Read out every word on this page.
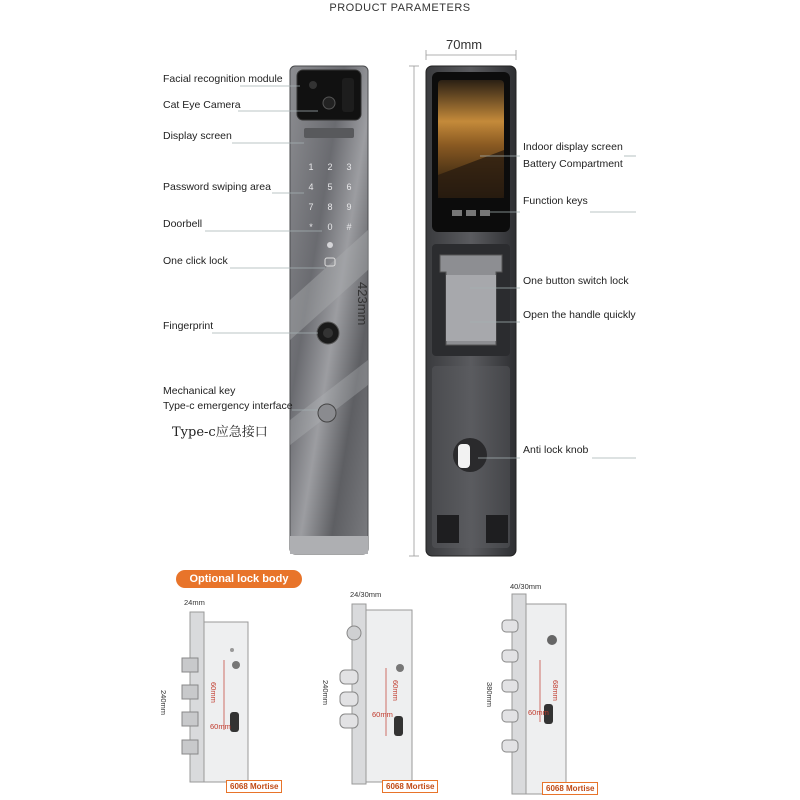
PRODUCT PARAMETERS
1 2 3
4 5 6
7 8 9
* 0 #
70mm
423mm
Facial recognition module
Cat Eye Camera
Display screen
Password swiping area
Doorbell
One click lock
Fingerprint
Mechanical key
Type-c emergency interface
Type-c应急接口
Indoor display screen
Battery Compartment
Function keys
One button switch lock
Open the handle quickly
Anti lock knob
Optional lock body
24mm
240mm	60mm
60mm
6068 Mortise
24/30mm
240mm	60mm
60mm
6068 Mortise
40/30mm
380mm	68mm
60mm
6068 Mortise
